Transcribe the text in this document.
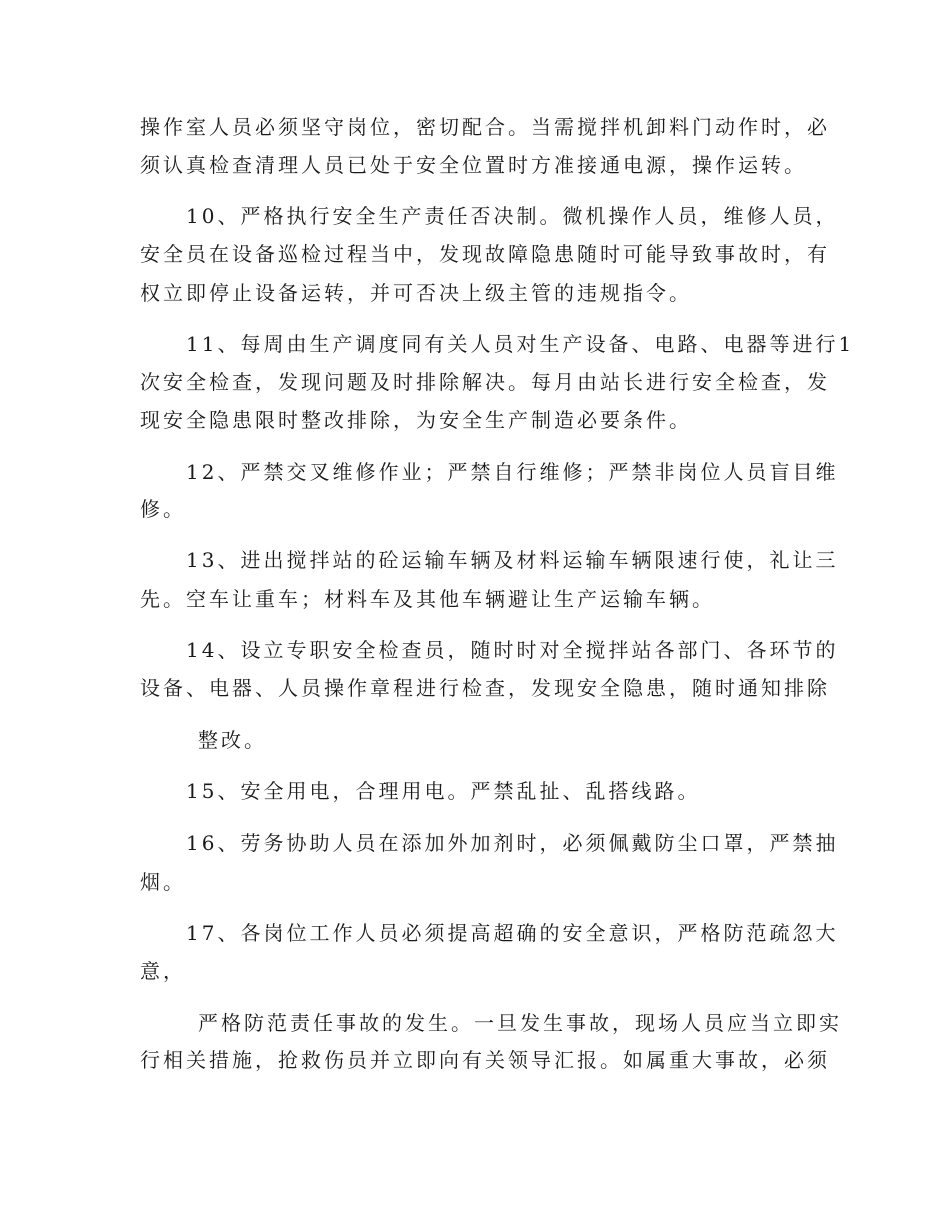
操作室人员必须坚守岗位，密切配合。当需搅拌机卸料门动作时，必
须认真检查清理人员已处于安全位置时方准接通电源，操作运转。
10、严格执行安全生产责任否决制。微机操作人员，维修人员，
安全员在设备巡检过程当中，发现故障隐患随时可能导致事故时，有
权立即停止设备运转，并可否决上级主管的违规指令。
11、每周由生产调度同有关人员对生产设备、电路、电器等进行1
次安全检查，发现问题及时排除解决。每月由站长进行安全检查，发
现安全隐患限时整改排除，为安全生产制造必要条件。
12、严禁交叉维修作业；严禁自行维修；严禁非岗位人员盲目维
修。
13、进出搅拌站的砼运输车辆及材料运输车辆限速行使，礼让三
先。空车让重车；材料车及其他车辆避让生产运输车辆。
14、设立专职安全检查员，随时时对全搅拌站各部门、各环节的
设备、电器、人员操作章程进行检查，发现安全隐患，随时通知排除
整改。
15、安全用电，合理用电。严禁乱扯、乱搭线路。
16、劳务协助人员在添加外加剂时，必须佩戴防尘口罩，严禁抽
烟。
17、各岗位工作人员必须提高超确的安全意识，严格防范疏忽大
意，
严格防范责任事故的发生。一旦发生事故，现场人员应当立即实
行相关措施，抢救伤员并立即向有关领导汇报。如属重大事故，必须
